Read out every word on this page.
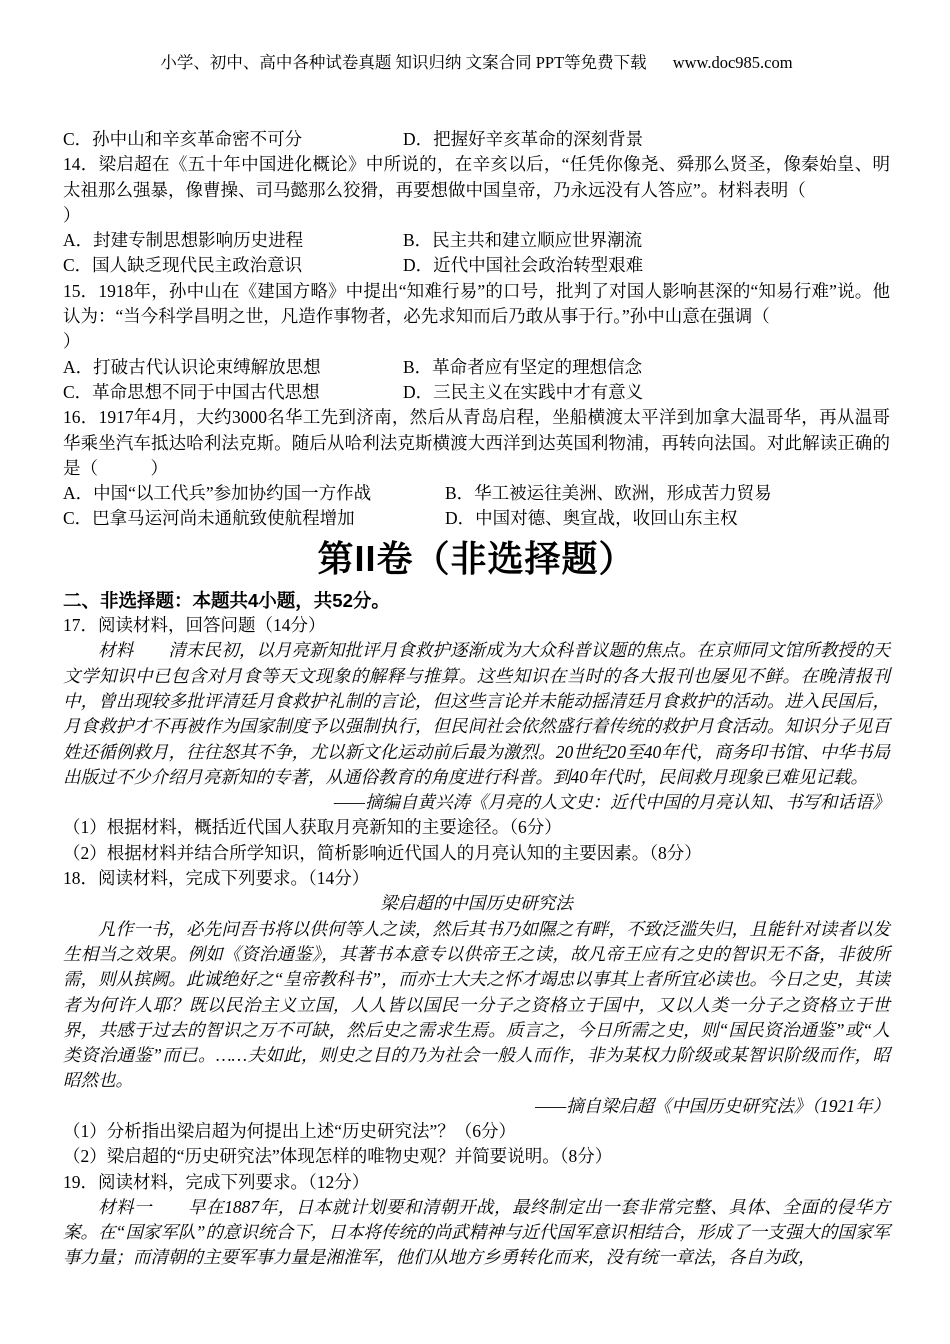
小学、初中、高中各种试卷真题 知识归纳 文案合同 PPT等免费下载 www.doc985.com
C．孙中山和辛亥革命密不可分	D．把握好辛亥革命的深刻背景

14．梁启超在《五十年中国进化概论》中所说的，在辛亥以后，“任凭你像尧、舜那么贤圣，像秦始皇、明太祖那么强暴，像曹操、司马懿那么狡猾，再要想做中国皇帝，乃永远没有人答应”。材料表明（

）

A．封建专制思想影响历史进程	B．民主共和建立顺应世界潮流
C．国人缺乏现代民主政治意识	D．近代中国社会政治转型艰难

15．1918年，孙中山在《建国方略》中提出“知难行易”的口号，批判了对国人影响甚深的“知易行难”说。他认为：“当今科学昌明之世，凡造作事物者，必先求知而后乃敢从事于行。”孙中山意在强调（

）

A．打破古代认识论束缚解放思想	B．革命者应有坚定的理想信念
C．革命思想不同于中国古代思想	D．三民主义在实践中才有意义

16．1917年4月，大约3000名华工先到济南，然后从青岛启程，坐船横渡太平洋到加拿大温哥华，再从温哥华乘坐汽车抵达哈利法克斯。随后从哈利法克斯横渡大西洋到达英国利物浦，再转向法国。对此解读正确的是（　　　）

A．中国“以工代兵”参加协约国一方作战	B．华工被运往美洲、欧洲，形成苦力贸易
C．巴拿马运河尚未通航致使航程增加	D．中国对德、奥宣战，收回山东主权
第II卷（非选择题）

二、非选择题：本题共4小题，共52分。

17．阅读材料，回答问题（14分）

材料　　清末民初，以月亮新知批评月食救护逐渐成为大众科普议题的焦点。在京师同文馆所教授的天文学知识中已包含对月食等天文现象的解释与推算。这些知识在当时的各大报刊也屡见不鲜。在晚清报刊中，曾出现较多批评清廷月食救护礼制的言论，但这些言论并未能动摇清廷月食救护的活动。进入民国后，月食救护才不再被作为国家制度予以强制执行，但民间社会依然盛行着传统的救护月食活动。知识分子见百姓还循例救月，往往怒其不争，尤以新文化运动前后最为激烈。20世纪20至40年代，商务印书馆、中华书局出版过不少介绍月亮新知的专著，从通俗教育的角度进行科普。到40年代时，民间救月现象已难见记载。

——摘编自黄兴涛《月亮的人文史：近代中国的月亮认知、书写和话语》

（1）根据材料，概括近代国人获取月亮新知的主要途径。（6分）

（2）根据材料并结合所学知识，简析影响近代国人的月亮认知的主要因素。（8分）

18．阅读材料，完成下列要求。（14分）

梁启超的中国历史研究法

凡作一书，必先问吾书将以供何等人之读，然后其书乃如隰之有畔，不致泛滥失归，且能针对读者以发生相当之效果。例如《资治通鉴》，其著书本意专以供帝王之读，故凡帝王应有之史的智识无不备，非彼所需，则从摈阙。此诚绝好之“皇帝教科书”，而亦士大夫之怀才竭忠以事其上者所宜必读也。今日之史，其读者为何许人耶？既以民治主义立国，人人皆以国民一分子之资格立于国中，又以人类一分子之资格立于世界，共感于过去的智识之万不可缺，然后史之需求生焉。质言之，今日所需之史，则“国民资治通鉴”或“人类资治通鉴”而已。……夫如此，则史之目的乃为社会一般人而作，非为某权力阶级或某智识阶级而作，昭昭然也。

——摘自梁启超《中国历史研究法》（1921年）

（1）分析指出梁启超为何提出上述“历史研究法”？（6分）

（2）梁启超的“历史研究法”体现怎样的唯物史观？并简要说明。（8分）

19．阅读材料，完成下列要求。（12分）

材料一　　早在1887年，日本就计划要和清朝开战，最终制定出一套非常完整、具体、全面的侵华方案。在“国家军队”的意识统合下，日本将传统的尚武精神与近代国军意识相结合，形成了一支强大的国家军事力量；而清朝的主要军事力量是湘淮军，他们从地方乡勇转化而来，没有统一章法，各自为政，
